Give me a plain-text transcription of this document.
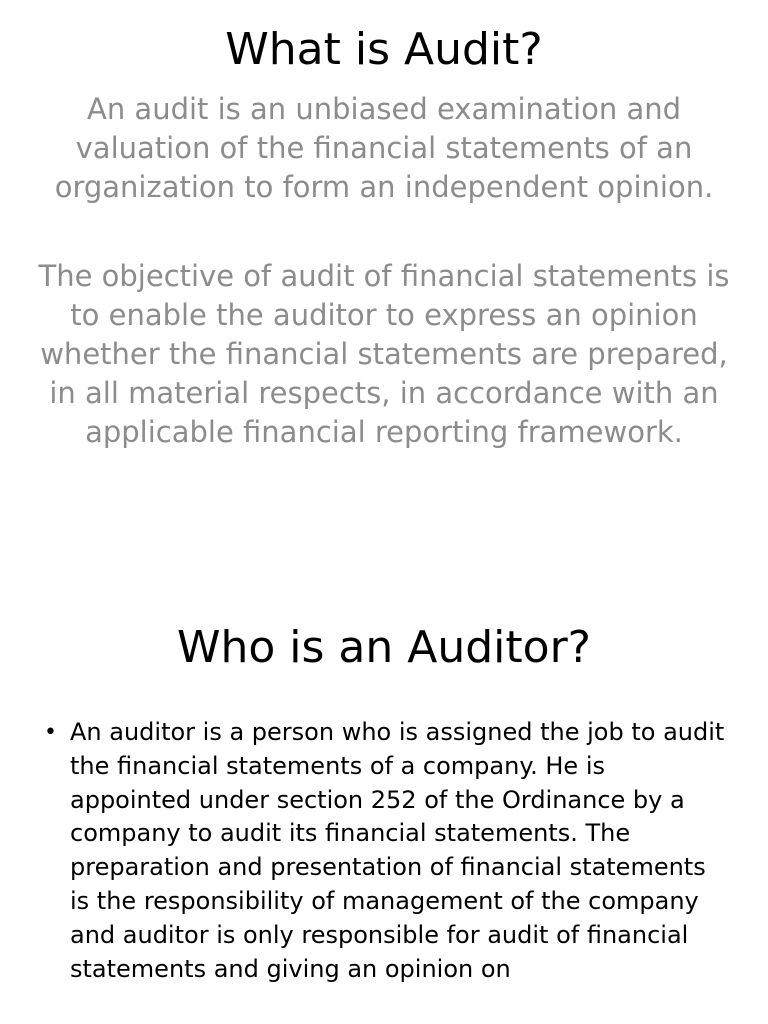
What is Audit?

An audit is an unbiased examination and valuation of the financial statements of an organization to form an independent opinion.

The objective of audit of financial statements is to enable the auditor to express an opinion whether the financial statements are prepared, in all material respects, in accordance with an applicable financial reporting framework.

Who is an Auditor?
• An auditor is a person who is assigned the job to audit the financial statements of a company. He is appointed under section 252 of the Ordinance by a company to audit its financial statements. The preparation and presentation of financial statements is the responsibility of management of the company and auditor is only responsible for audit of financial statements and giving an opinion on
